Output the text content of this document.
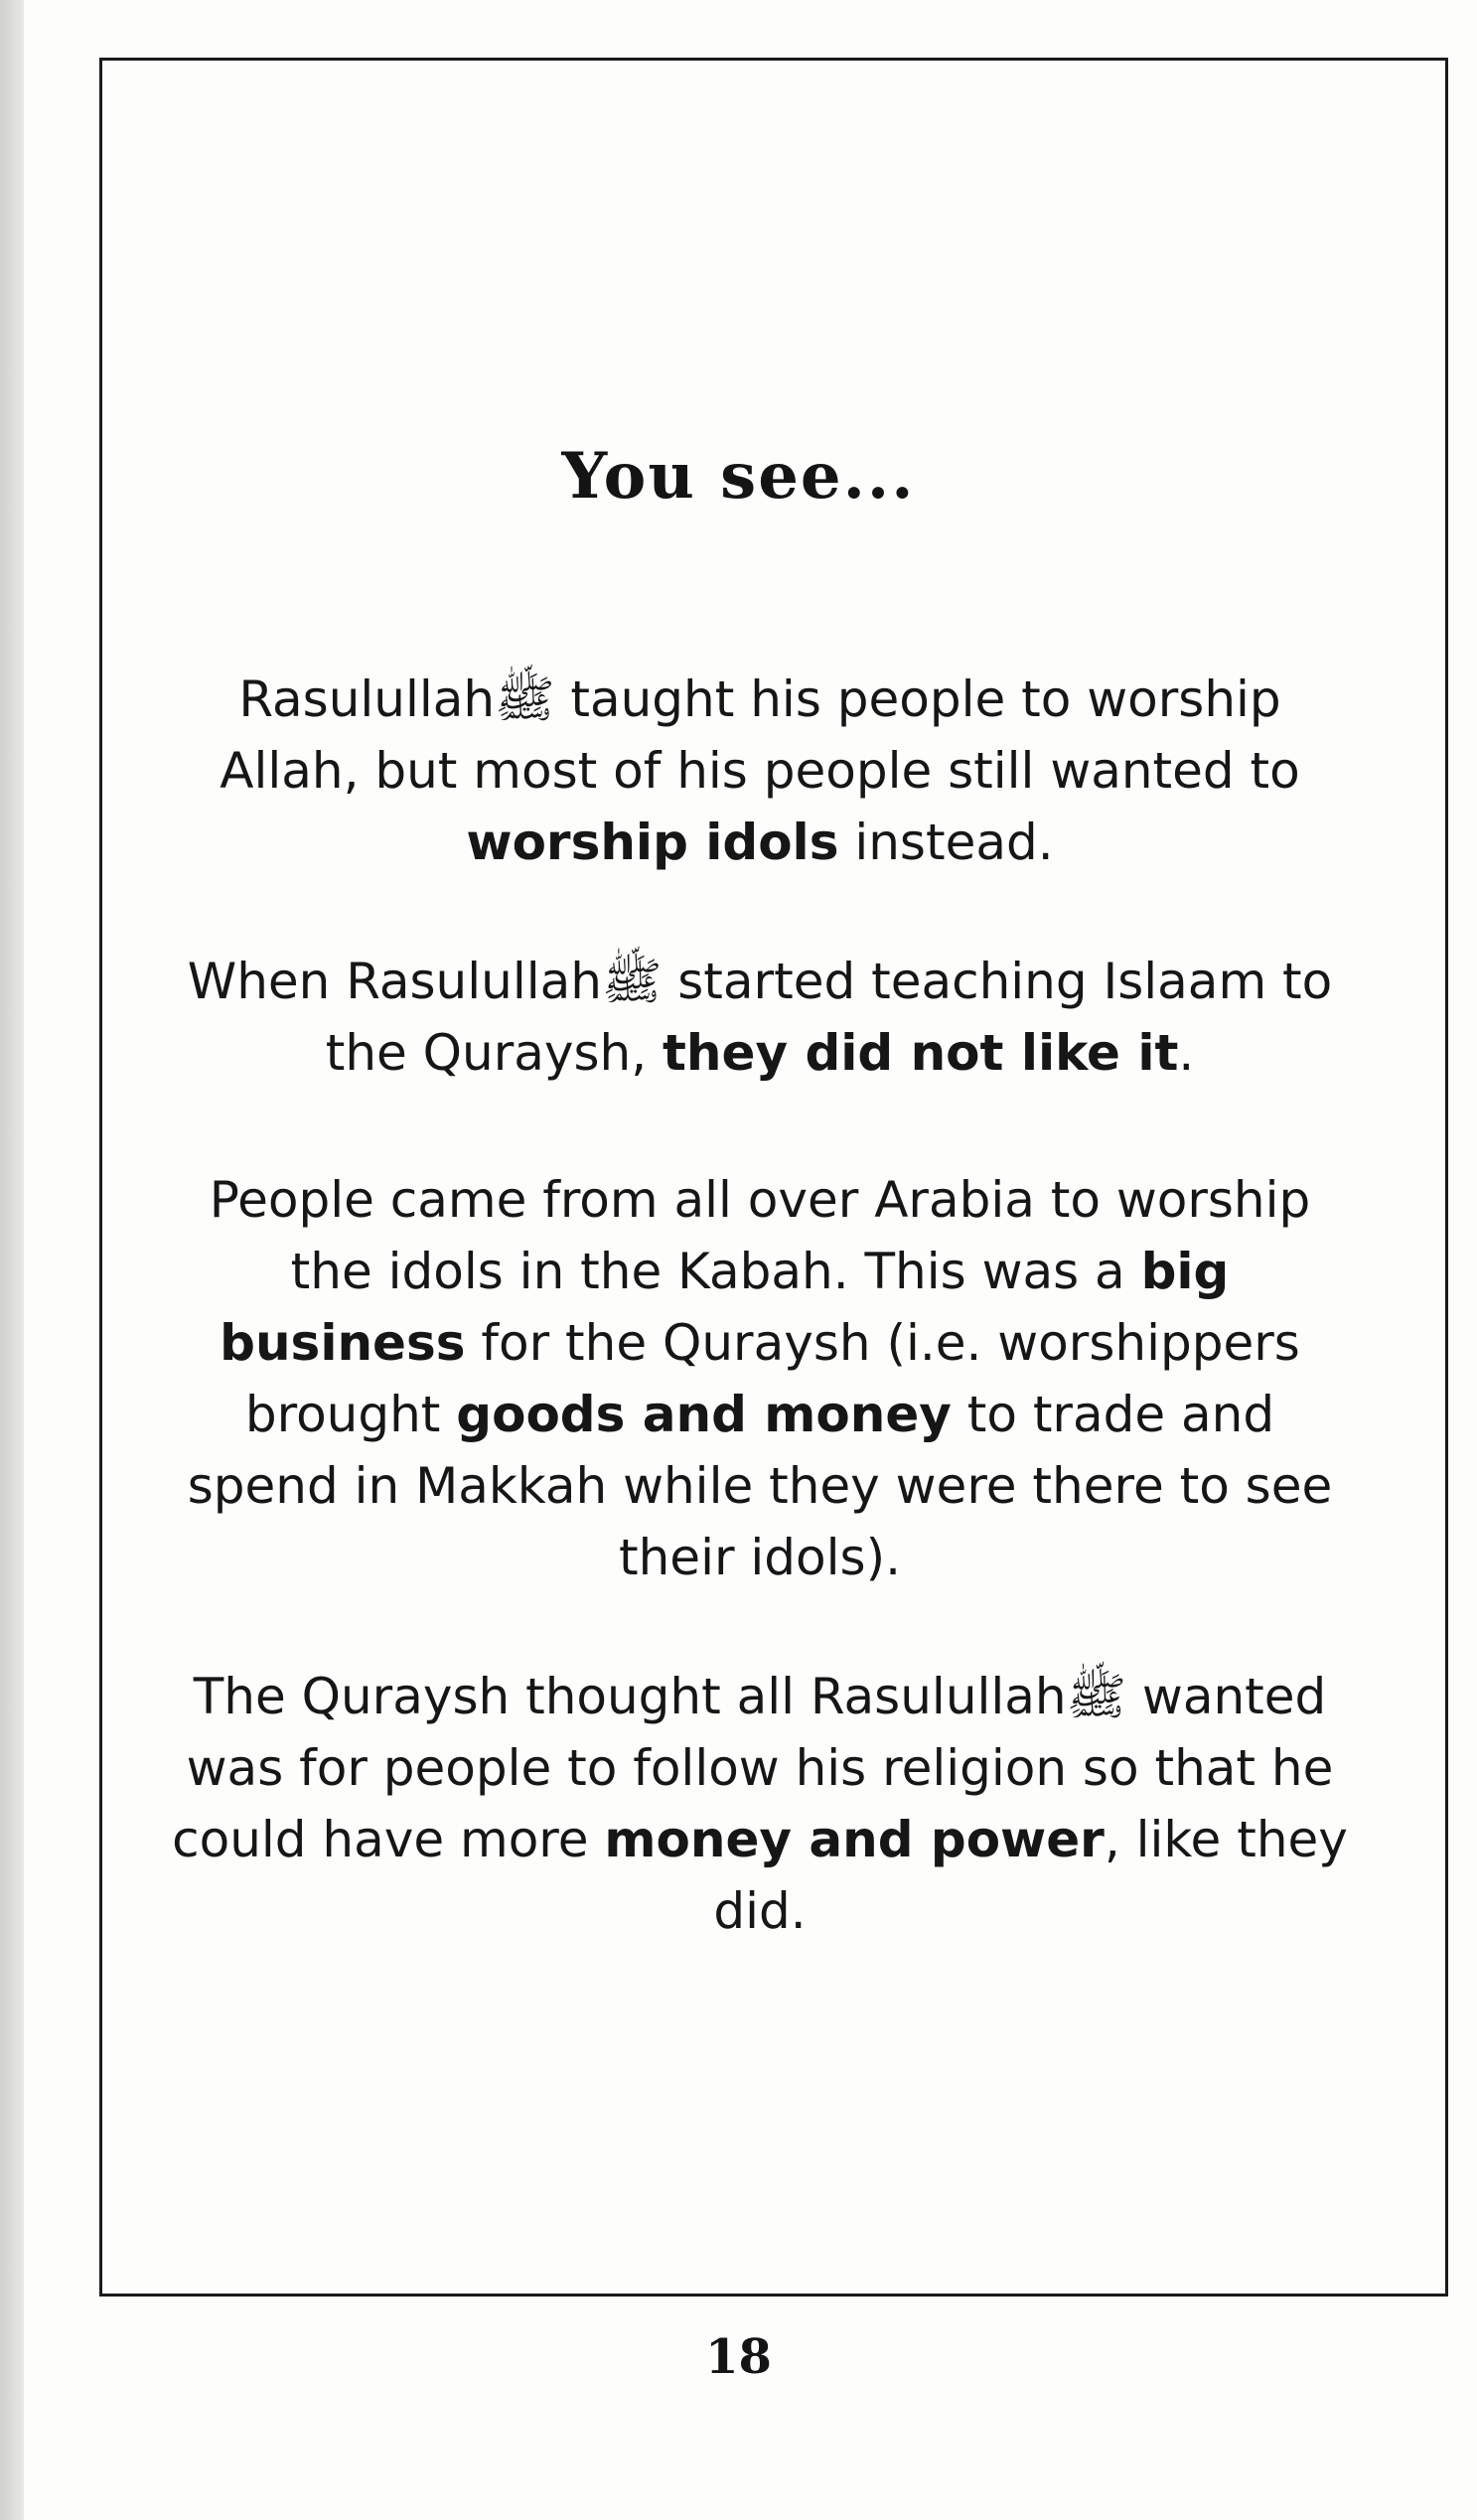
You see...

Rasulullahﷺ taught his people to worship Allah, but most of his people still wanted to worship idols instead.

When Rasulullahﷺ started teaching Islaam to the Quraysh, they did not like it.

People came from all over Arabia to worship the idols in the Kabah. This was a big business for the Quraysh (i.e. worshippers brought goods and money to trade and spend in Makkah while they were there to see their idols).

The Quraysh thought all Rasulullahﷺ wanted was for people to follow his religion so that he could have more money and power, like they did.

18
